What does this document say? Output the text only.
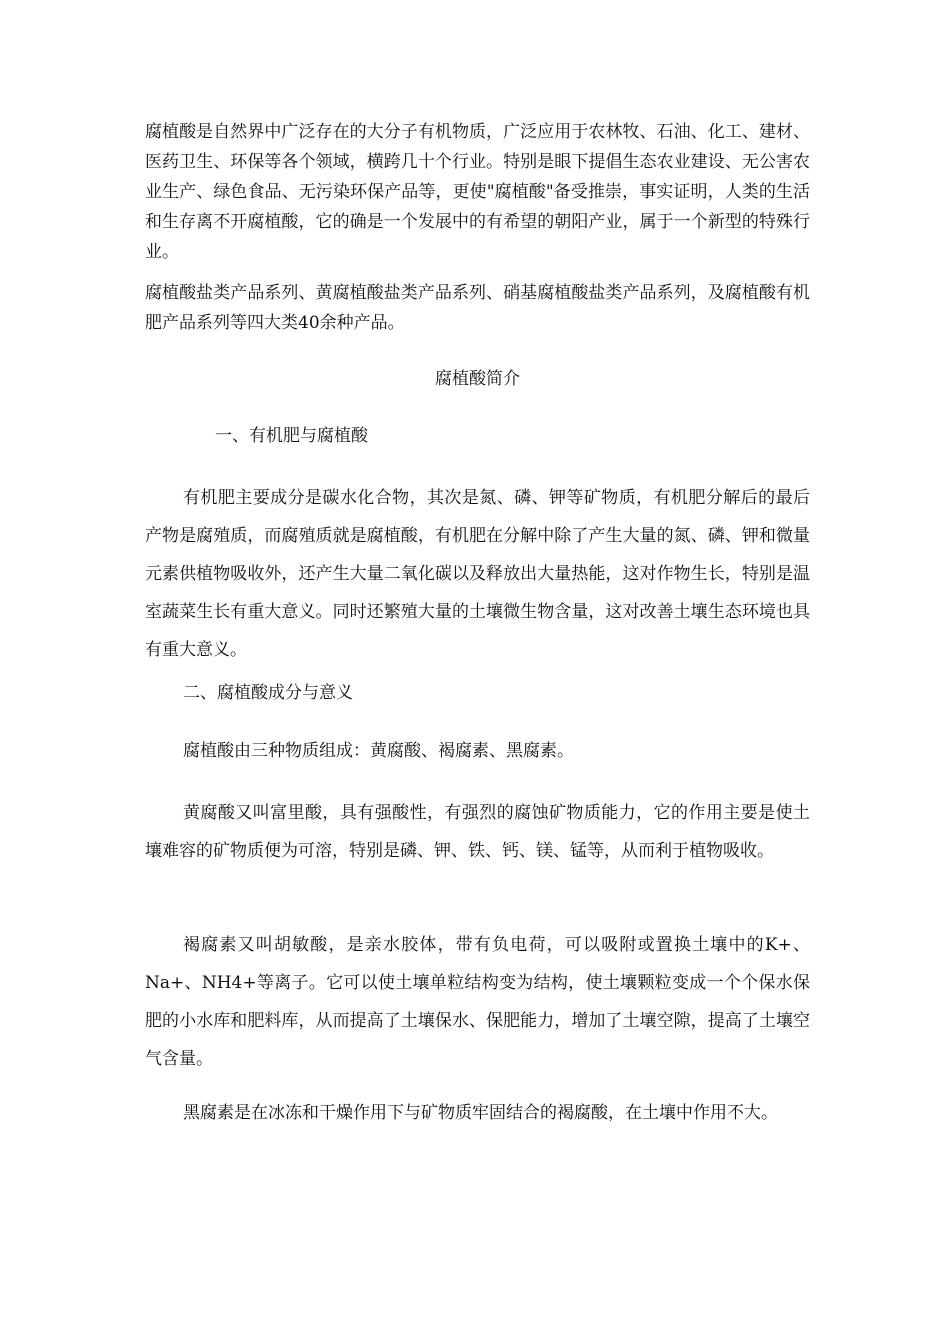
腐植酸是自然界中广泛存在的大分子有机物质，广泛应用于农林牧、石油、化工、建材、医药卫生、环保等各个领域，横跨几十个行业。特别是眼下提倡生态农业建设、无公害农业生产、绿色食品、无污染环保产品等，更使"腐植酸"备受推崇，事实证明，人类的生活和生存离不开腐植酸，它的确是一个发展中的有希望的朝阳产业，属于一个新型的特殊行业。

腐植酸盐类产品系列、黄腐植酸盐类产品系列、硝基腐植酸盐类产品系列，及腐植酸有机肥产品系列等四大类40余种产品。

腐植酸简介
一、有机肥与腐植酸

有机肥主要成分是碳水化合物，其次是氮、磷、钾等矿物质，有机肥分解后的最后产物是腐殖质，而腐殖质就是腐植酸，有机肥在分解中除了产生大量的氮、磷、钾和微量元素供植物吸收外，还产生大量二氧化碳以及释放出大量热能，这对作物生长，特别是温室蔬菜生长有重大意义。同时还繁殖大量的土壤微生物含量，这对改善土壤生态环境也具有重大意义。

二、腐植酸成分与意义

腐植酸由三种物质组成：黄腐酸、褐腐素、黑腐素。

黄腐酸又叫富里酸，具有强酸性，有强烈的腐蚀矿物质能力，它的作用主要是使土壤难容的矿物质便为可溶，特别是磷、钾、铁、钙、镁、锰等，从而利于植物吸收。

褐腐素又叫胡敏酸，是亲水胶体，带有负电荷，可以吸附或置换土壤中的K+、Na+、NH4+等离子。它可以使土壤单粒结构变为结构，使土壤颗粒变成一个个保水保肥的小水库和肥料库，从而提高了土壤保水、保肥能力，增加了土壤空隙，提高了土壤空气含量。

黑腐素是在冰冻和干燥作用下与矿物质牢固结合的褐腐酸，在土壤中作用不大。
